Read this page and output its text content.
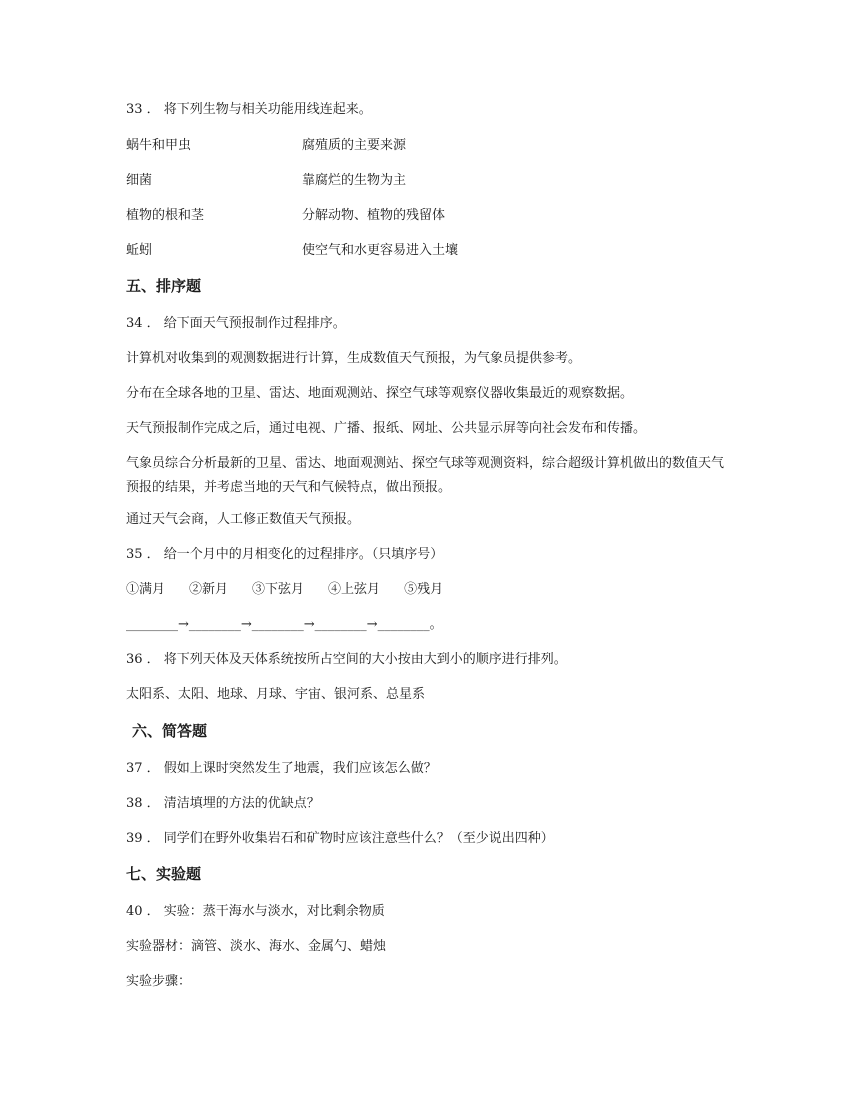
33 ． 将下列生物与相关功能用线连起来。
蜗牛和甲虫	腐殖质的主要来源
细菌	靠腐烂的生物为主
植物的根和茎	分解动物、植物的残留体
蚯蚓	使空气和水更容易进入土壤
五、排序题
34 ． 给下面天气预报制作过程排序。
计算机对收集到的观测数据进行计算，生成数值天气预报，为气象员提供参考。
分布在全球各地的卫星、雷达、地面观测站、探空气球等观察仪器收集最近的观察数据。
天气预报制作完成之后，通过电视、广播、报纸、网址、公共显示屏等向社会发布和传播。
气象员综合分析最新的卫星、雷达、地面观测站、探空气球等观测资料，综合超级计算机做出的数值天气预报的结果，并考虑当地的天气和气候特点，做出预报。
通过天气会商，人工修正数值天气预报。
35 ． 给一个月中的月相变化的过程排序。（只填序号）
①满月 ②新月 ③下弦月 ④上弦月 ⑤残月
________→________→________→________→________。
36 ． 将下列天体及天体系统按所占空间的大小按由大到小的顺序进行排列。
太阳系、太阳、地球、月球、宇宙、银河系、总星系
六、简答题
37 ． 假如上课时突然发生了地震，我们应该怎么做？
38 ． 清洁填埋的方法的优缺点？
39 ． 同学们在野外收集岩石和矿物时应该注意些什么？（至少说出四种）
七、实验题
40 ． 实验：蒸干海水与淡水，对比剩余物质
实验器材：滴管、淡水、海水、金属勺、蜡烛
实验步骤：
